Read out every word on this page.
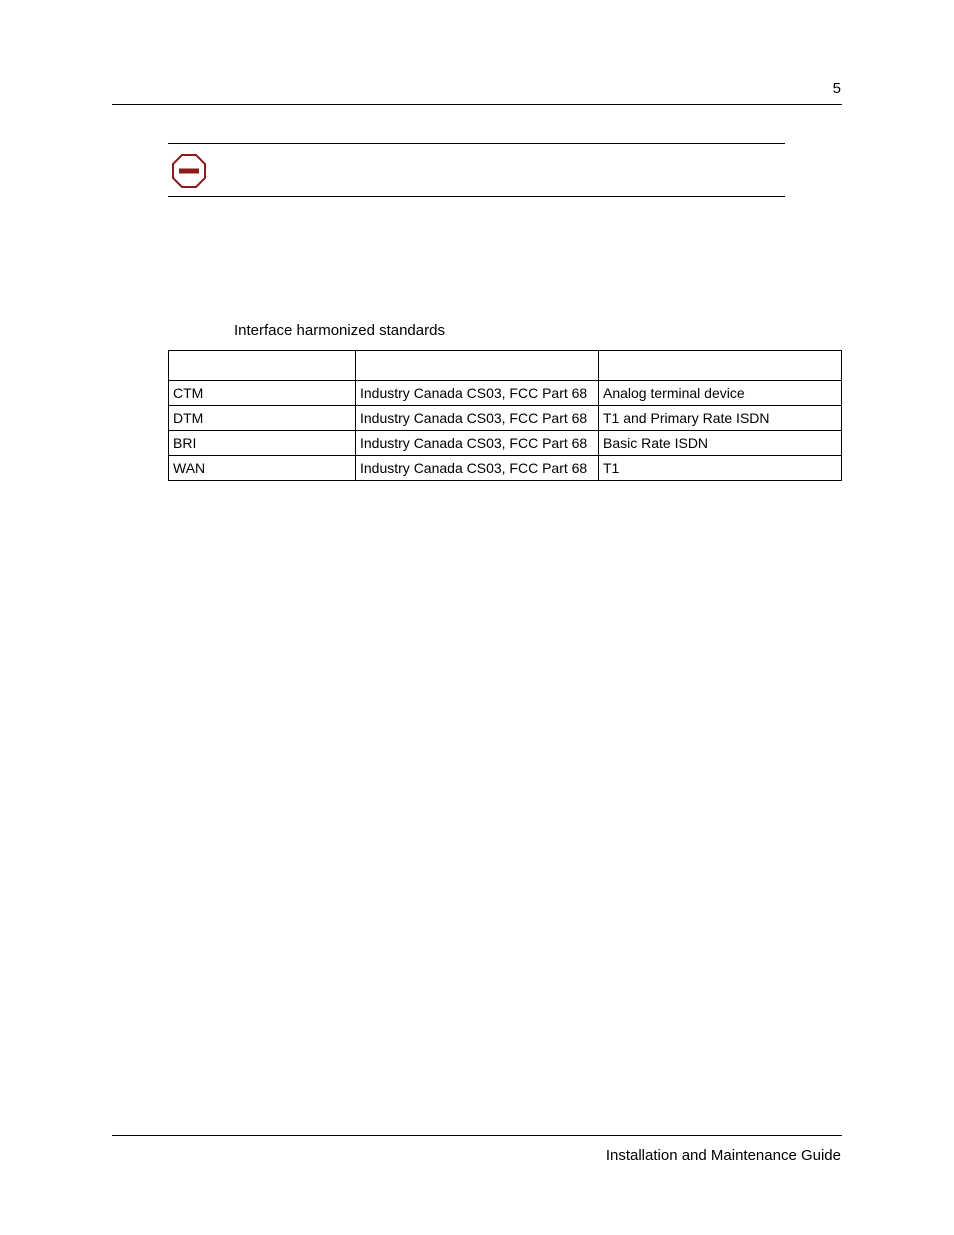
5
Interface harmonized standards

CTM	Industry Canada CS03, FCC Part 68	Analog terminal device
DTM	Industry Canada CS03, FCC Part 68	T1 and Primary Rate ISDN
BRI	Industry Canada CS03, FCC Part 68	Basic Rate ISDN
WAN	Industry Canada CS03, FCC Part 68	T1
Installation and Maintenance Guide
